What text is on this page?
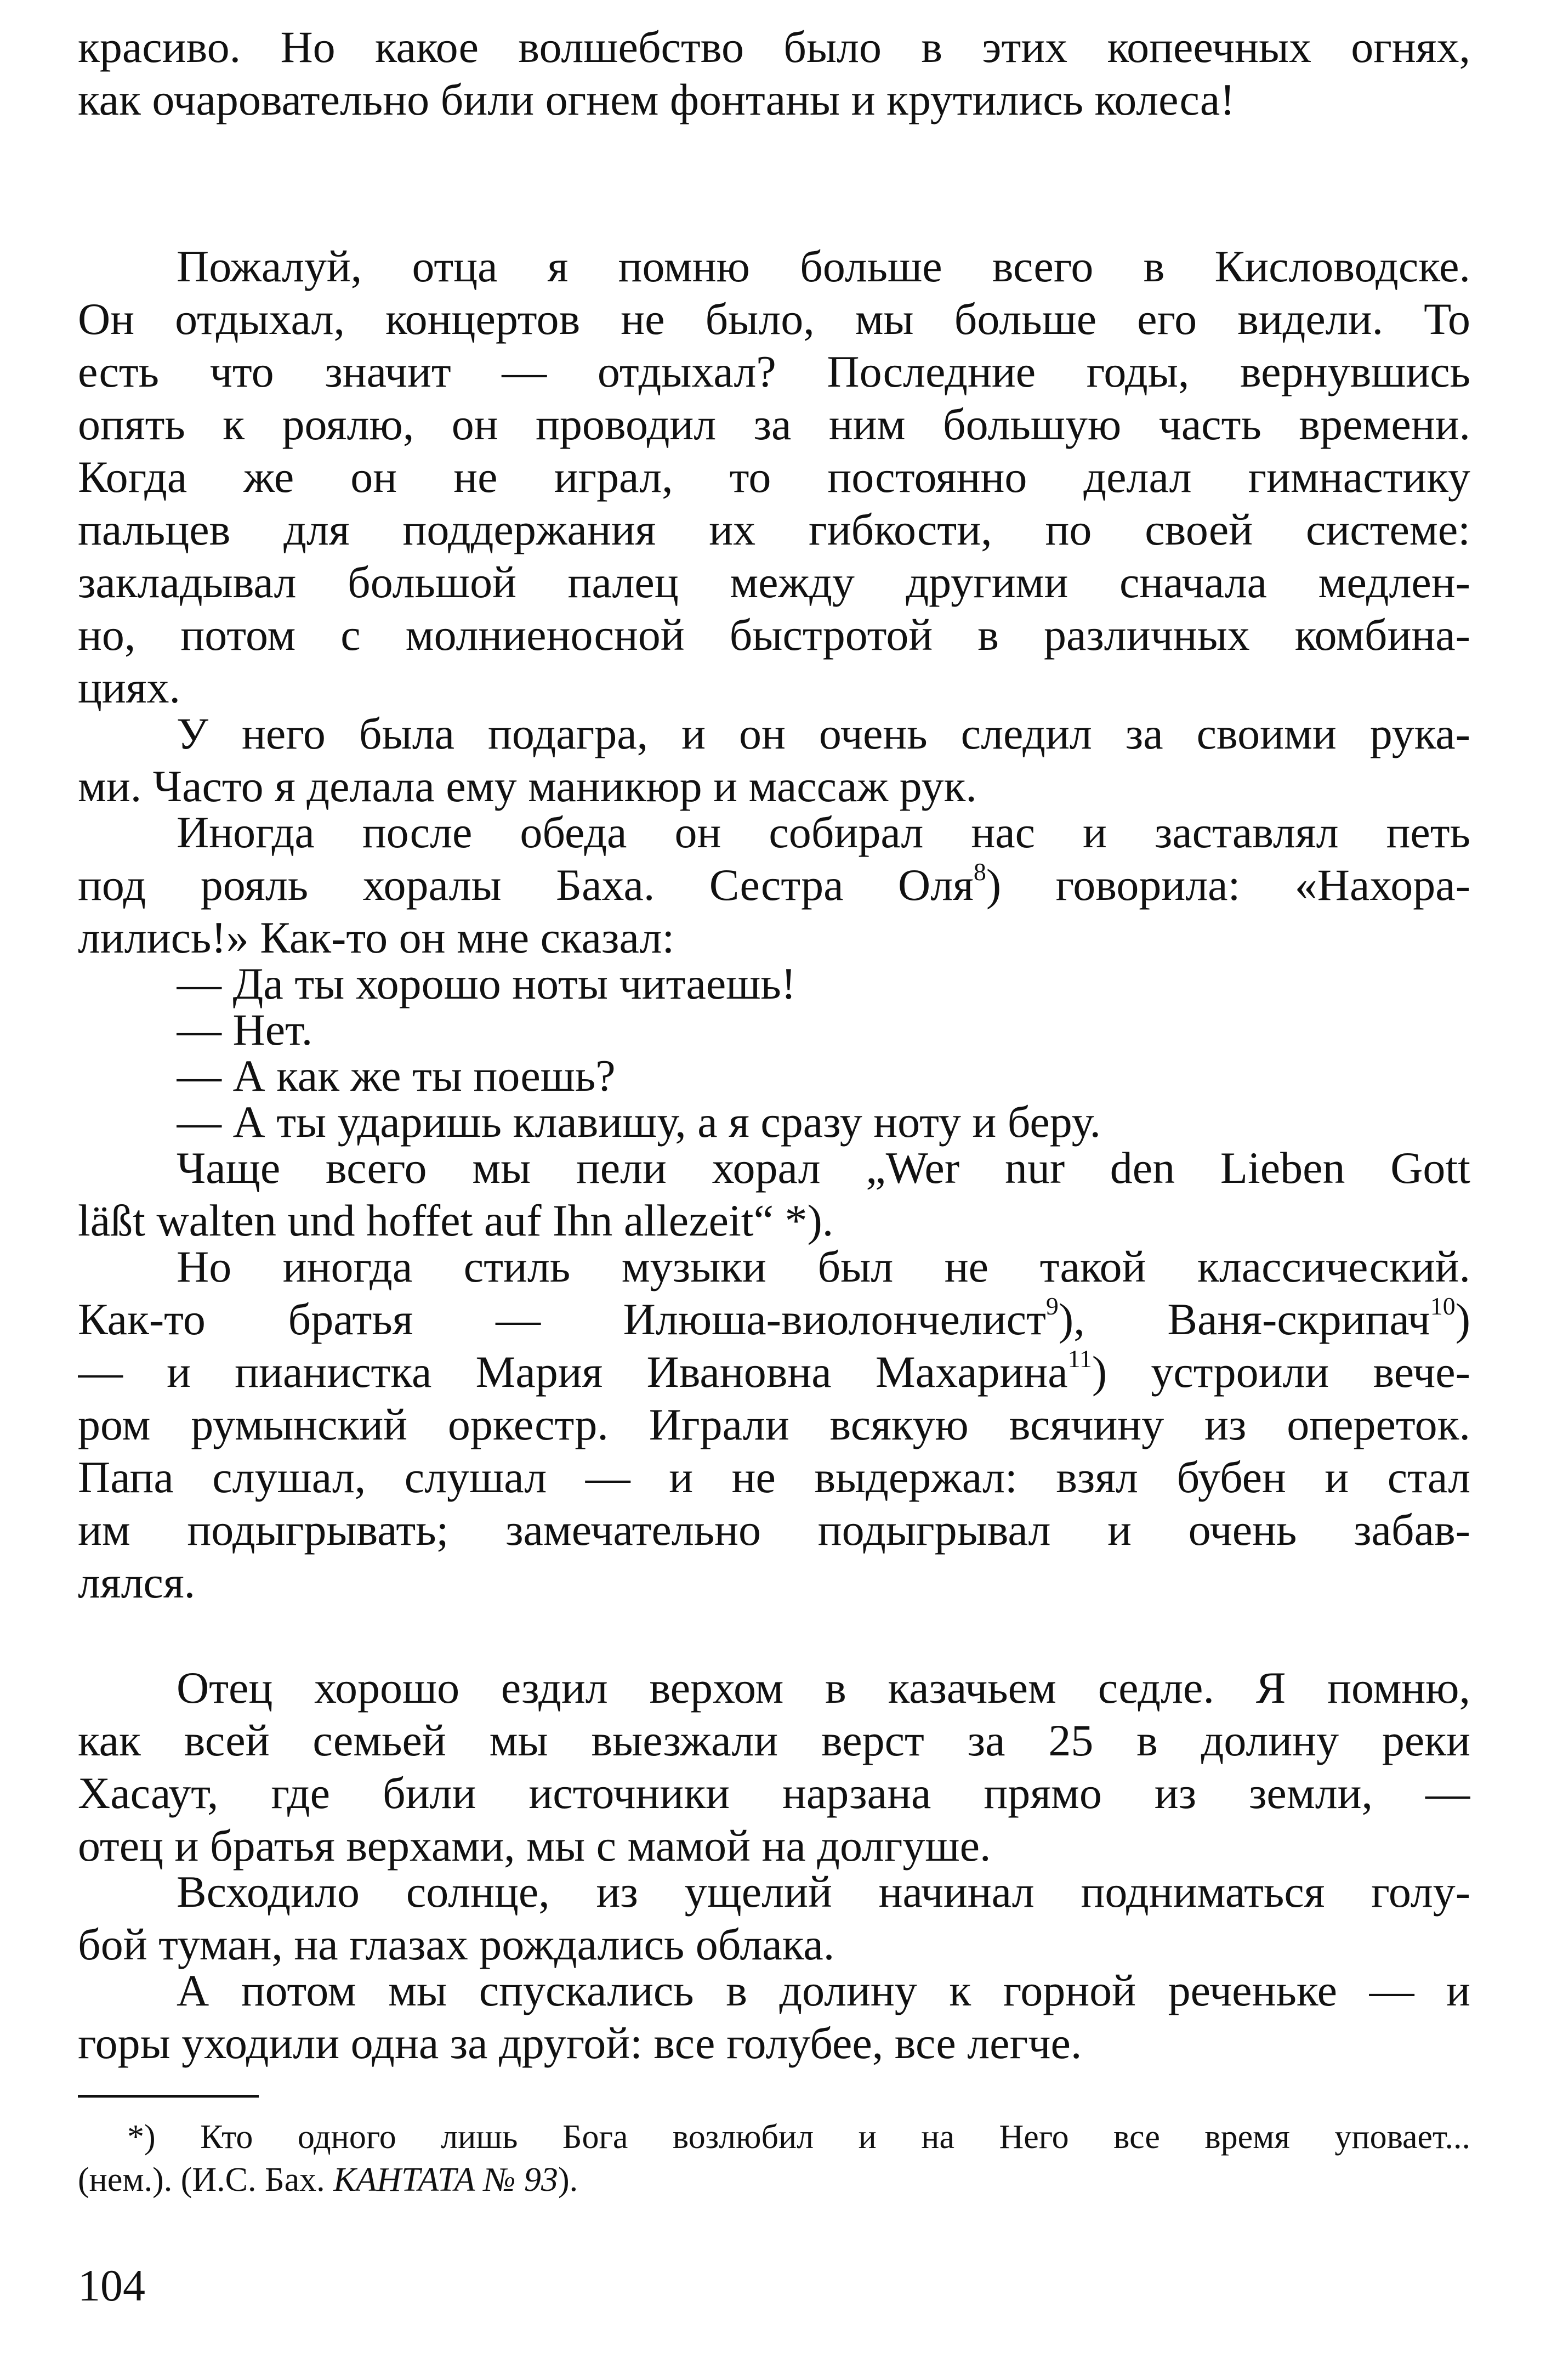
красиво. Но какое волшебство было в этих копеечных огнях,
как очаровательно били огнем фонтаны и крутились колеса!
Пожалуй, отца я помню больше всего в Кисловодске.
Он отдыхал, концертов не было, мы больше его видели. То
есть что значит — отдыхал? Последние годы, вернувшись
опять к роялю, он проводил за ним большую часть времени.
Когда же он не играл, то постоянно делал гимнастику
пальцев для поддержания их гибкости, по своей системе:
закладывал большой палец между другими сначала медлен-
но, потом с молниеносной быстротой в различных комбина-
циях.
У него была подагра, и он очень следил за своими рука-
ми. Часто я делала ему маникюр и массаж рук.
Иногда после обеда он собирал нас и заставлял петь
под рояль хоралы Баха. Сестра Оля$^8$) говорила: «Нахора-
лились!» Как-то он мне сказал:
— Да ты хорошо ноты читаешь!
— Нет.
— А как же ты поешь?
— А ты ударишь клавишу, а я сразу ноту и беру.
Чаще всего мы пели хорал „Wer nur den Lieben Gott
läßt walten und hoffet auf Ihn allezeit“ *).
Но иногда стиль музыки был не такой классический.
Как-то братья — Илюша-виолончелист$^9$), Ваня-скрипач$^{10}$)
— и пианистка Мария Ивановна Махарина$^{11}$) устроили вече-
ром румынский оркестр. Играли всякую всячину из опереток.
Папа слушал, слушал — и не выдержал: взял бубен и стал
им подыгрывать; замечательно подыгрывал и очень забав-
лялся.
Отец хорошо ездил верхом в казачьем седле. Я помню,
как всей семьей мы выезжали верст за 25 в долину реки
Хасаут, где били источники нарзана прямо из земли, —
отец и братья верхами, мы с мамой на долгуше.
Всходило солнце, из ущелий начинал подниматься голу-
бой туман, на глазах рождались облака.
А потом мы спускались в долину к горной реченьке — и
горы уходили одна за другой: все голубее, все легче.
*) Кто одного лишь Бога возлюбил и на Него все время уповает...
(нем.). (И.С. Бах. КАНТАТА № 93).
104
